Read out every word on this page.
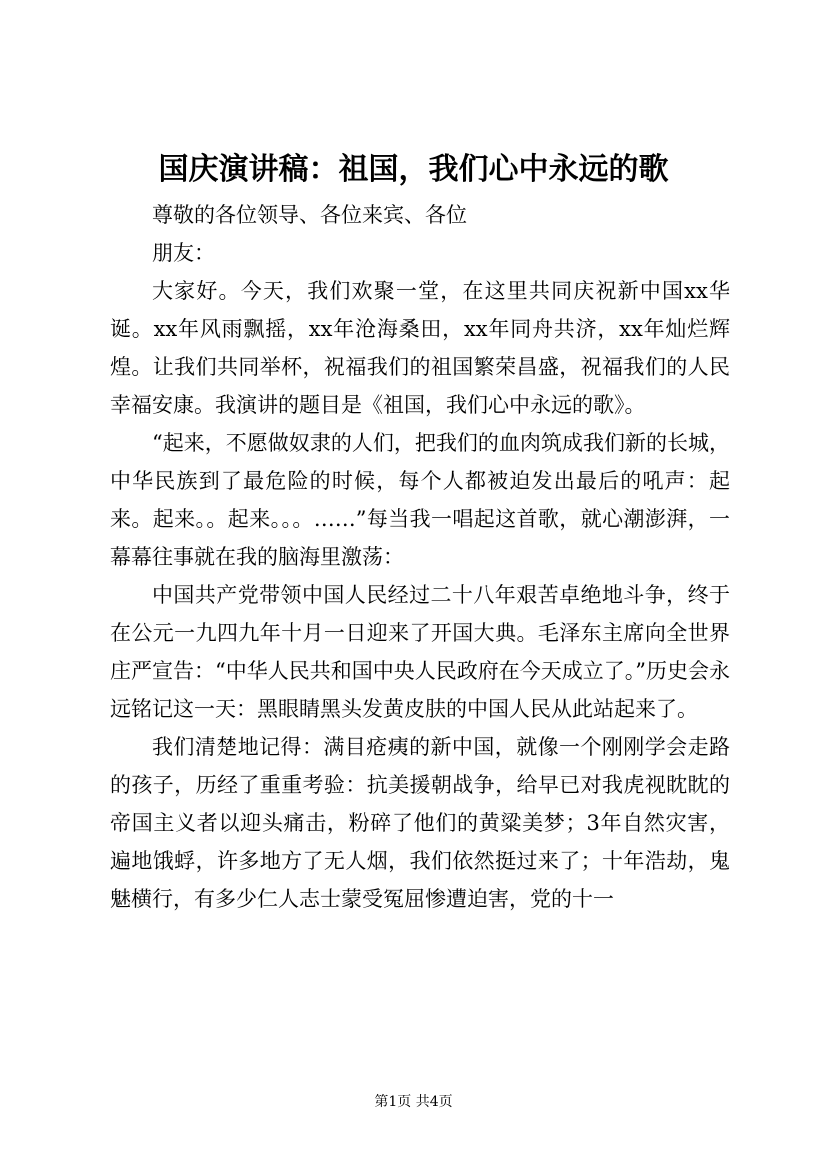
国庆演讲稿：祖国，我们心中永远的歌

尊敬的各位领导、各位来宾、各位

朋友：

大家好。今天，我们欢聚一堂，在这里共同庆祝新中国xx华诞。xx年风雨飘摇，xx年沧海桑田，xx年同舟共济，xx年灿烂辉煌。让我们共同举杯，祝福我们的祖国繁荣昌盛，祝福我们的人民幸福安康。我演讲的题目是《祖国，我们心中永远的歌》。

“起来，不愿做奴隶的人们，把我们的血肉筑成我们新的长城，中华民族到了最危险的时候，每个人都被迫发出最后的吼声：起来。起来。。起来。。。……”每当我一唱起这首歌，就心潮澎湃，一幕幕往事就在我的脑海里激荡：

中国共产党带领中国人民经过二十八年艰苦卓绝地斗争，终于在公元一九四九年十月一日迎来了开国大典。毛泽东主席向全世界庄严宣告：“中华人民共和国中央人民政府在今天成立了。”历史会永远铭记这一天：黑眼睛黑头发黄皮肤的中国人民从此站起来了。

我们清楚地记得：满目疮痍的新中国，就像一个刚刚学会走路的孩子，历经了重重考验：抗美援朝战争，给早已对我虎视眈眈的帝国主义者以迎头痛击，粉碎了他们的黄粱美梦；3年自然灾害，遍地饿蜉，许多地方了无人烟，我们依然挺过来了；十年浩劫，鬼魅横行，有多少仁人志士蒙受冤屈惨遭迫害，党的十一

第1页 共4页
